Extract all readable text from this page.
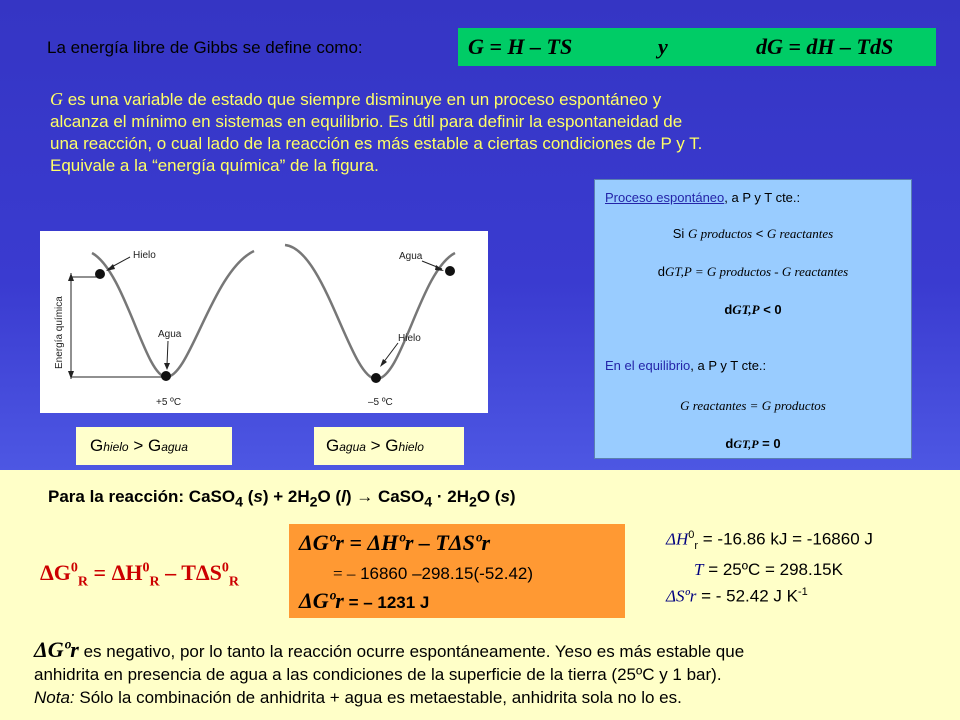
La energía libre de Gibbs se define como:	G = H – TS	y	dG = dH – TdS
G es una variable de estado que siempre disminuye en un proceso espontáneo y
alcanza el mínimo en sistemas en equilibrio. Es útil para definir la espontaneidad de
una reacción, o cual lado de la reacción es más estable a ciertas condiciones de P y T.
Equivale a la “energía química” de la figura.
Energía química
Hielo
Agua
+5 ºC
Agua
Hielo
–5 ºC
Ghielo > Gagua	Gagua > Ghielo
Proceso espontáneo, a P y T cte.:
Si G productos < G reactantes
dGT,P = G productos - G reactantes
dGT,P < 0
En el equilibrio, a P y T cte.:
G reactantes = G productos
dGT,P = 0
Para la reacción: CaSO$_4$ $(s) + 2H_2O$ (l) → CaSO$_4$ · $2H_2O$ (s)
$\Delta G^0_R = \Delta H^0_R - T\Delta S^0_R$
ΔGºr = ΔHºr – TΔSºr
= – 16860 –298.15(-52.42)
ΔGºr = – 1231 J
$\Delta H^0_r = -16.86$ kJ = -16860 J
T = 25ºC = 298.15K
ΔSºr = - 52.42 J $K^{-1}$
ΔGºr es negativo, por lo tanto la reacción ocurre espontáneamente. Yeso es más estable que
anhidrita en presencia de agua a las condiciones de la superficie de la tierra (25ºC y 1 bar).
Nota: Sólo la combinación de anhidrita + agua es metaestable, anhidrita sola no lo es.
